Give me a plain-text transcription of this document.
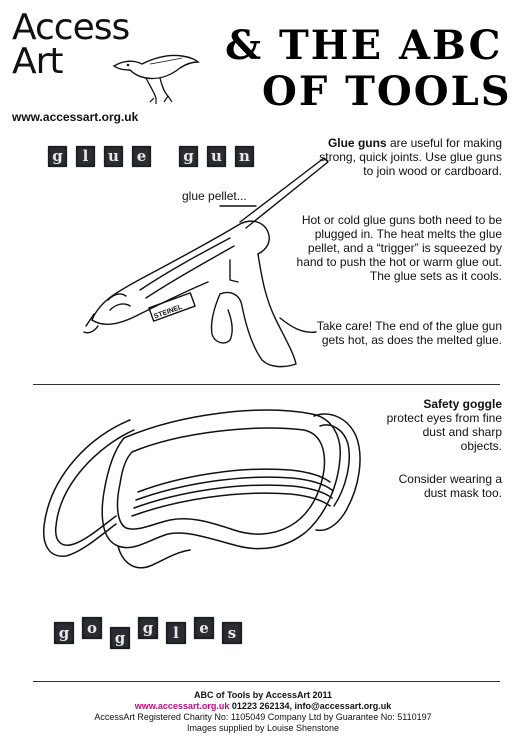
Access
Art
www.accessart.org.uk
& THE ABC
OF TOOLS
g l u e g u n
glue pellet...
STEINEL
Glue guns are useful for making strong, quick joints. Use glue guns to join wood or cardboard.
Hot or cold glue guns both need to be plugged in. The heat melts the glue pellet, and a “trigger” is squeezed by hand to push the hot or warm glue out. The glue sets as it cools.
Take care! The end of the glue gun gets hot, as does the melted glue.
Safety goggle
protect eyes from fine dust and sharp objects.
Consider wearing a dust mask too.
g ogg l e s
ABC of Tools by AccessArt 2011
www.accessart.org.uk 01223 262134, info@accessart.org.uk
AccessArt Registered Charity No: 1105049 Company Ltd by Guarantee No: 5110197
Images supplied by Louise Shenstone
